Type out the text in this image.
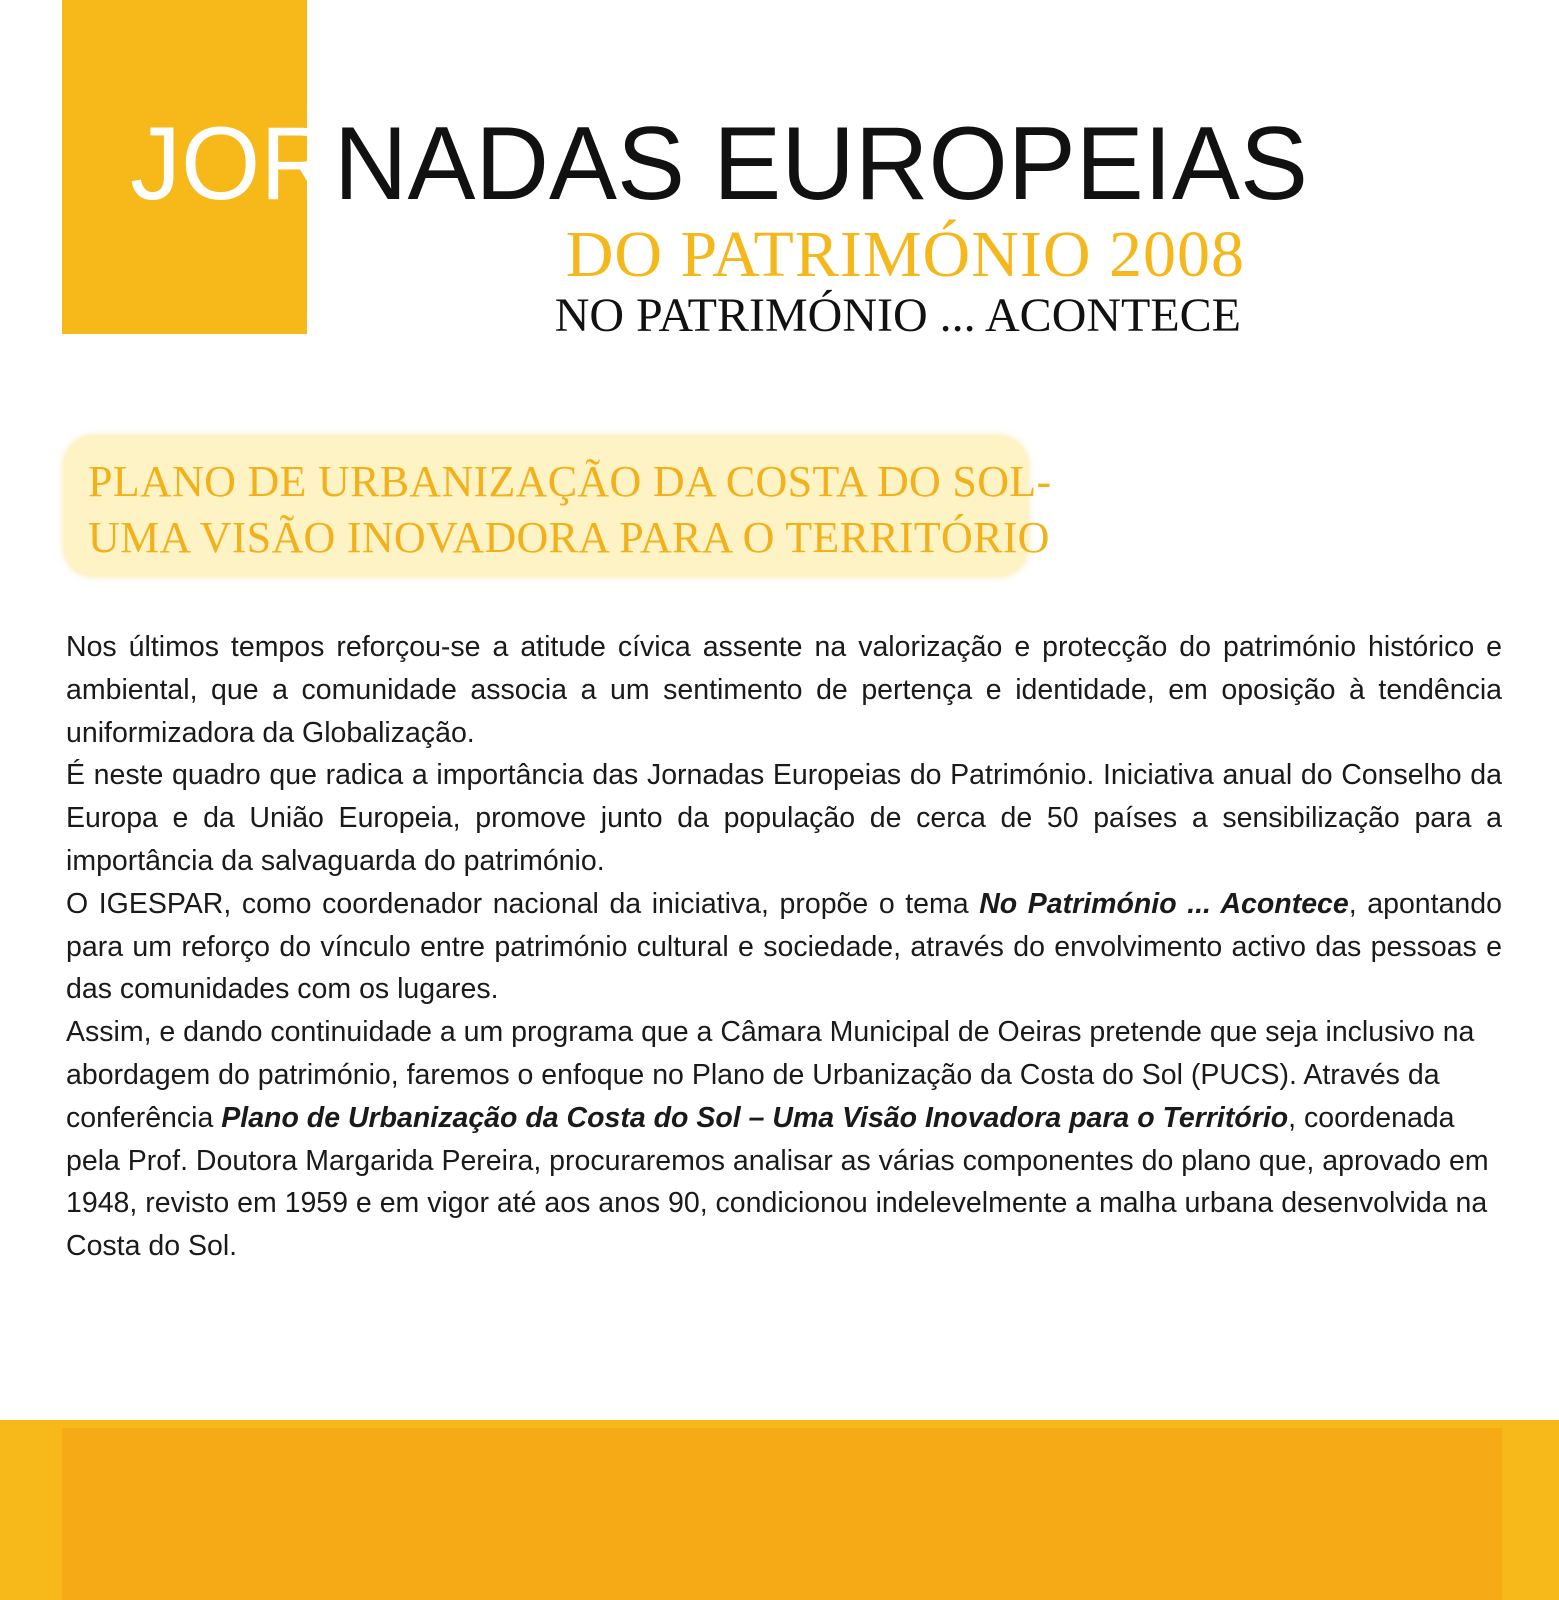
JORNADAS EUROPEIAS
DO PATRIMÓNIO 2008
NO PATRIMÓNIO ... ACONTECE
PLANO DE URBANIZAÇÃO DA COSTA DO SOL-
UMA VISÃO INOVADORA PARA O TERRITÓRIO

Nos últimos tempos reforçou-se a atitude cívica assente na valorização e protecção do património histórico e ambiental, que a comunidade associa a um sentimento de pertença e identidade, em oposição à tendência uniformizadora da Globalização.

É neste quadro que radica a importância das Jornadas Europeias do Património. Iniciativa anual do Conselho da Europa e da União Europeia, promove junto da população de cerca de 50 países a sensibilização para a importância da salvaguarda do património.

O IGESPAR, como coordenador nacional da iniciativa, propõe o tema No Património ... Acontece, apontando para um reforço do vínculo entre património cultural e sociedade, através do envolvimento activo das pessoas e das comunidades com os lugares.

Assim, e dando continuidade a um programa que a Câmara Municipal de Oeiras pretende que seja inclusivo na abordagem do património, faremos o enfoque no Plano de Urbanização da Costa do Sol (PUCS). Através da conferência Plano de Urbanização da Costa do Sol – Uma Visão Inovadora para o Território, coordenada pela Prof. Doutora Margarida Pereira, procuraremos analisar as várias componentes do plano que, aprovado em 1948, revisto em 1959 e em vigor até aos anos 90, condicionou indelevelmente a malha urbana desenvolvida na Costa do Sol.
